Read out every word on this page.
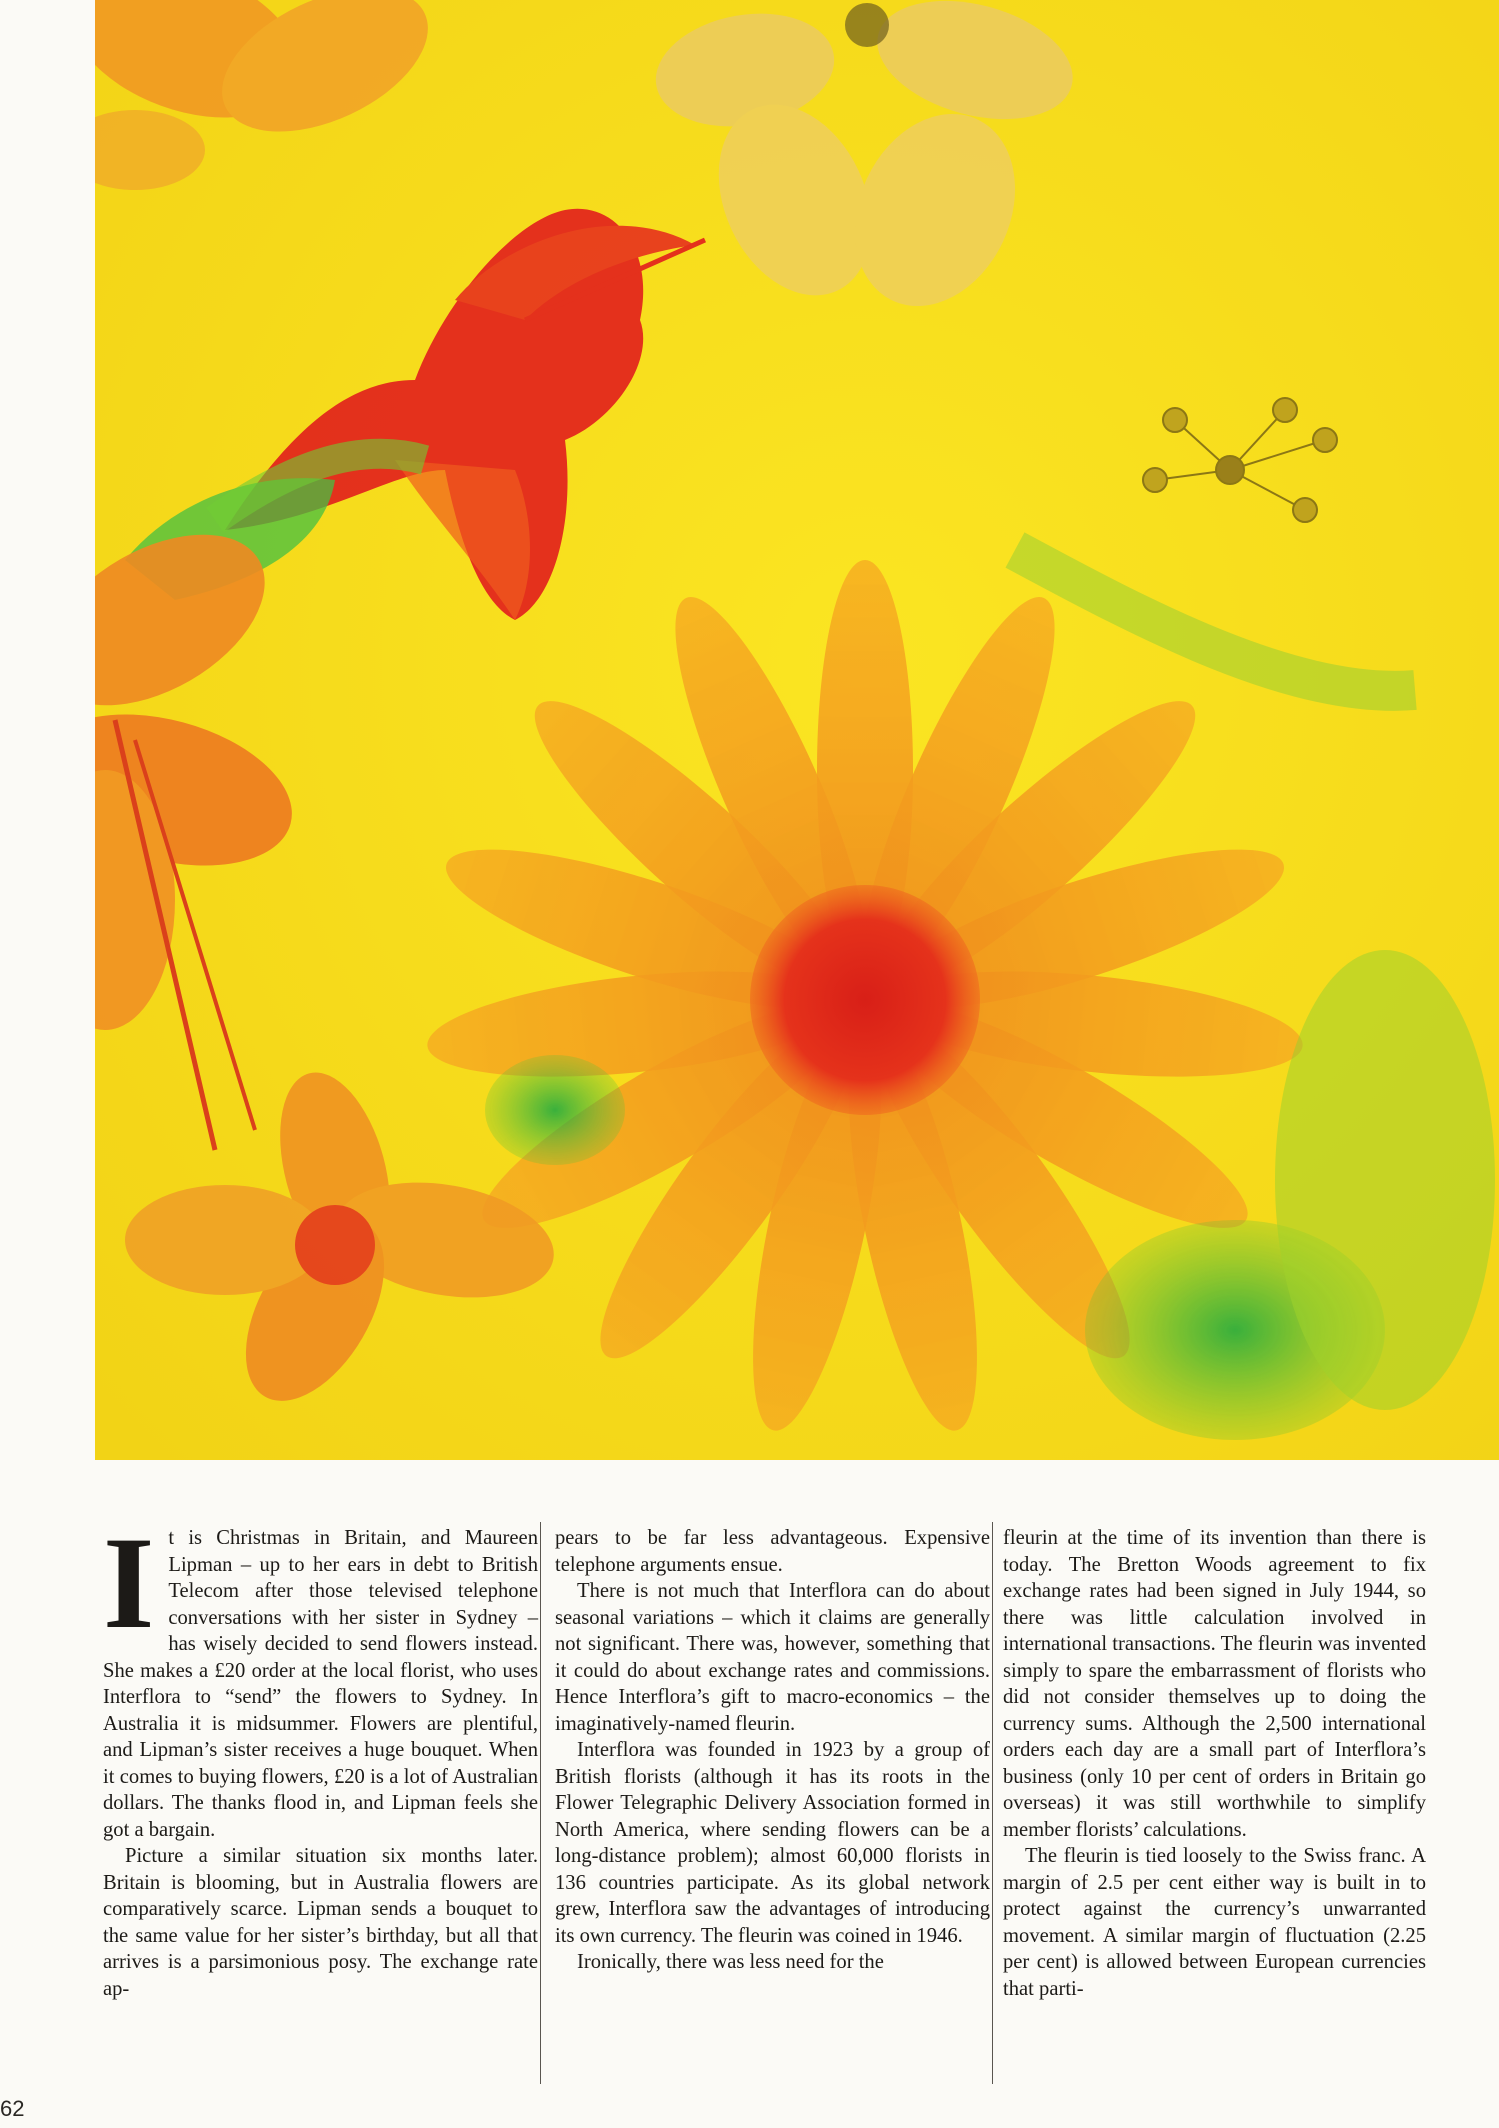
I t is Christmas in Britain, and Maureen Lipman – up to her ears in debt to British Telecom after those televised telephone conversations with her sister in Sydney – has wisely decided to send flowers instead. She makes a £20 order at the local florist, who uses Interflora to “send” the flowers to Sydney. In Australia it is midsummer. Flowers are plentiful, and Lipman’s sister receives a huge bouquet. When it comes to buying flowers, £20 is a lot of Australian dollars. The thanks flood in, and Lipman feels she got a bargain.

Picture a similar situation six months later. Britain is blooming, but in Australia flowers are comparatively scarce. Lipman sends a bouquet to the same value for her sister’s birthday, but all that arrives is a parsimonious posy. The exchange rate ap-

pears to be far less advantageous. Expensive telephone arguments ensue.

There is not much that Interflora can do about seasonal variations – which it claims are generally not significant. There was, however, something that it could do about exchange rates and commissions. Hence Interflora’s gift to macro-economics – the imaginatively-named fleurin.

Interflora was founded in 1923 by a group of British florists (although it has its roots in the Flower Telegraphic Delivery Association formed in North America, where sending flowers can be a long-distance problem); almost 60,000 florists in 136 countries participate. As its global network grew, Interflora saw the advantages of introducing its own currency. The fleurin was coined in 1946.

Ironically, there was less need for the

fleurin at the time of its invention than there is today. The Bretton Woods agreement to fix exchange rates had been signed in July 1944, so there was little calculation involved in international transactions. The fleurin was invented simply to spare the embarrassment of florists who did not consider themselves up to doing the currency sums. Although the 2,500 international orders each day are a small part of Interflora’s business (only 10 per cent of orders in Britain go overseas) it was still worthwhile to simplify member florists’ calculations.

The fleurin is tied loosely to the Swiss franc. A margin of 2.5 per cent either way is built in to protect against the currency’s unwarranted movement. A similar margin of fluctuation (2.25 per cent) is allowed between European currencies that parti-

62
